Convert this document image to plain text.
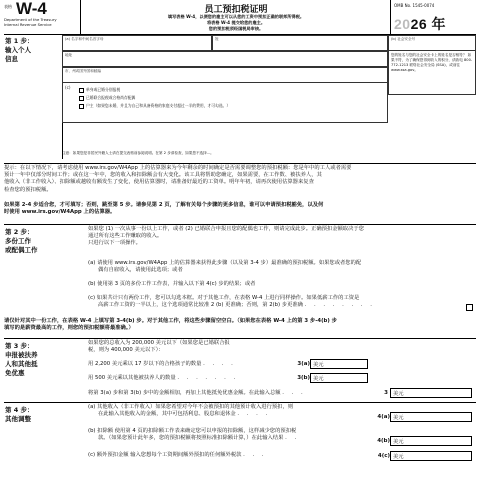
表格 W-4
Department of the Treasury
Internal Revenue Service
员工预扣税证明
填写表格 W-4，以便您的雇主可以从您的工资中预扣正确的联邦所得税。
将表格 W-4 提交给您的雇主。
您的预扣税须经国税局审核。
OMB No. 1545-0074
2026 年
第 1 步：
输入个人
信息
(a) 名字和中间名首字母	姓	(b) 社会安全号
地址
市、州或国外国和邮编
您的姓名与您的社会安全卡上的姓名是否相符？ 如果不符，为了确保您得到收入的积分，请致电 800-772-1213 联络社会安全局 (SSA)，或前往 www.ssa.gov。
(c)	单身或已婚分别报税
已婚联合报税或合格尚存配偶
户主（如果您未婚，并且为自己和具备资格的家庭支付超过一半的费用，才可勾选。）
注意：如果您是非居民外籍人士请在提交表格前参阅说明。在第 2 步请检查，如果您不选择...。
提示：在以下情况下，请考虑使用 www.irs.gov/W4App 上的估算器来为今年剩余的时间确定是否需要调整您的预扣税额：您是年中的工人或者需要
预计一年中仅部分时间工作；或在这一年中，您的收入和扣除额会有大变化。该工具将帮助您确定，如果需要，在工作数、被扶养人，其
他收入（非工作收入）、扣除额或越收有额发生了变化，使用估算器时，请准备好最近的工资单。明年年初，请再次使用估算器来复查
检查您的预扣税额。
如果第 2-4 步适合您，才可填写；否则，跳至第 5 步。请参见第 2 页，了解有关每个步骤的更多信息，谁可以申请预扣税豁免，以及何
时使用 www.irs.gov/W4App 上的估算器。
第 2 步：
多份工作
或配偶工作
如果您 (1) 一次从事一份以上工作，或者 (2) 已婚联合申报且您的配偶也工作，则请完成此步。正确预扣金额取决于您
通过所有这些工作赚取的收入。
只进行以下一项操作。
(a) 请使用 www.irs.gov/W4App 上的估算器来获得此步骤（以及第 3-4 步）最准确的预扣税额。如果您或者您的配
偶有自雇收入，请使用此选项；或者
(b) 使用第 3 页的多份工作工作表，并输入以下第 4(c) 步的结果；或者
(c) 如果共计只有两份工作，您可以勾选本框。对于其他工作，在表格 W-4 上进行同样操作。如果低薪工作的工资是
高薪工作工资的一半以上，这个选项通常比较准 2 (b) 更准确；否则，第 2(b) 步更准确 . . . . . . . .
请仅针对其中一份工作，在表格 W-4 上填写第 3-4(b) 步。对于其他工作，将这些步骤留空空白。（如果您在表格 W-4 上的第 3 步-4(b) 步
填写的是薪资最高的工作，则您的预扣税额将最准确。）
第 3 步：
申报被扶养
人和其他抵
免优惠
如果您的总收入为 200,000 美元以下（如果您是已婚联合报
税，则为 400,000 美元以下）：
用 2,200 美元乘以 17 岁以下的合格孩子的数量 . . . .	3(a) 美元
用 500 美元乘以其他被扶养人的数量 . . . . . . .	3(b) 美元
将第 3(a) 步和第 3(b) 步中的金额相加，再加上其他抵免优惠金额。在此输入总额 . . .	3 美元
第 4 步：
其他调整
(a) 其他收入（非工作收入）如果您希望对今年不会被预扣的其他预计收入进行预扣，则
在此输入其他收入的金额，其中可包括利息、股息和退休金 . . . .	4(a) 美元
(b) 扣除额 使用第 4 页的扣除额工作表来确定您可以申报的扣除额，这样减少您的预扣税
款。（如果您预计此年多，您的预扣税额将按照标准扣除额计算，）在此输入结果 . .	4(b) 美元
(c) 额外预扣金额 输入您想每个工资期间额外预扣的任何额外税款 . . .	4(c) 美元
